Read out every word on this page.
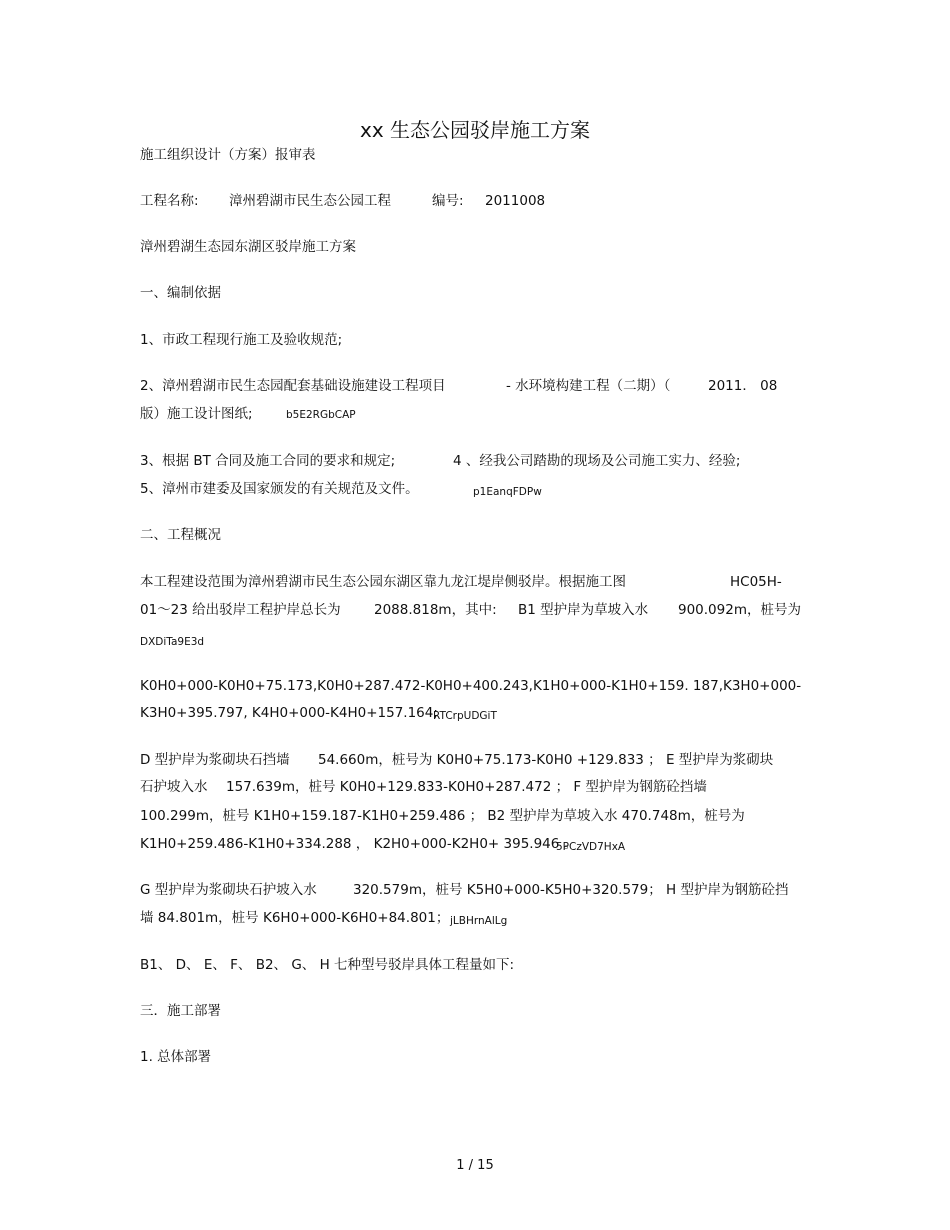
xx 生态公园驳岸施工方案
施工组织设计（方案）报审表
工程名称: 漳州碧湖市民生态公园工程	编号: 2011008
漳州碧湖生态园东湖区驳岸施工方案
一、编制依据
1、市政工程现行施工及验收规范;
2、漳州碧湖市民生态园配套基础设施建设工程项目	- 水环境构建工程（二期）（	2011． 08
版）施工设计图纸;	b5E2RGbCAP
3、根据 BT 合同及施工合同的要求和规定;	4 、经我公司踏勘的现场及公司施工实力、经验;
5、漳州市建委及国家颁发的有关规范及文件。	p1EanqFDPw
二、工程概况
本工程建设范围为漳州碧湖市民生态公园东湖区靠九龙江堤岸侧驳岸。根据施工图	HC05H-
01～23 给出驳岸工程护岸总长为 2088.818m，其中: B1 型护岸为草坡入水 900.092m，桩号为
DXDiTa9E3d
K0H0+000-K0H0+75.173,K0H0+287.472-K0H0+400.243,K1H0+000-K1H0+159. 187,K3H0+000-
K3H0+395.797, K4H0+000-K4H0+157.164;
RTCrpUDGiT
D 型护岸为浆砌块石挡墙 54.660m，桩号为 K0H0+75.173-K0H0 +129.833 ； E 型护岸为浆砌块
石护坡入水 157.639m，桩号 K0H0+129.833-K0H0+287.472 ； F 型护岸为钢筋砼挡墙
100.299m，桩号 K1H0+159.187-K1H0+259.486 ； B2 型护岸为草坡入水 470.748m，桩号为
K1H0+259.486-K1H0+334.288 ， K2H0+000-K2H0+ 395.946 。
5PCzVD7HxA
G 型护岸为浆砌块石护坡入水	320.579m，桩号 K5H0+000-K5H0+320.579； H 型护岸为钢筋砼挡
墙 84.801m，桩号 K6H0+000-K6H0+84.801； jLBHrnAlLg
B1、 D、 E、 F、 B2、 G、 H 七种型号驳岸具体工程量如下:
三．施工部署
1. 总体部署
1 / 15
